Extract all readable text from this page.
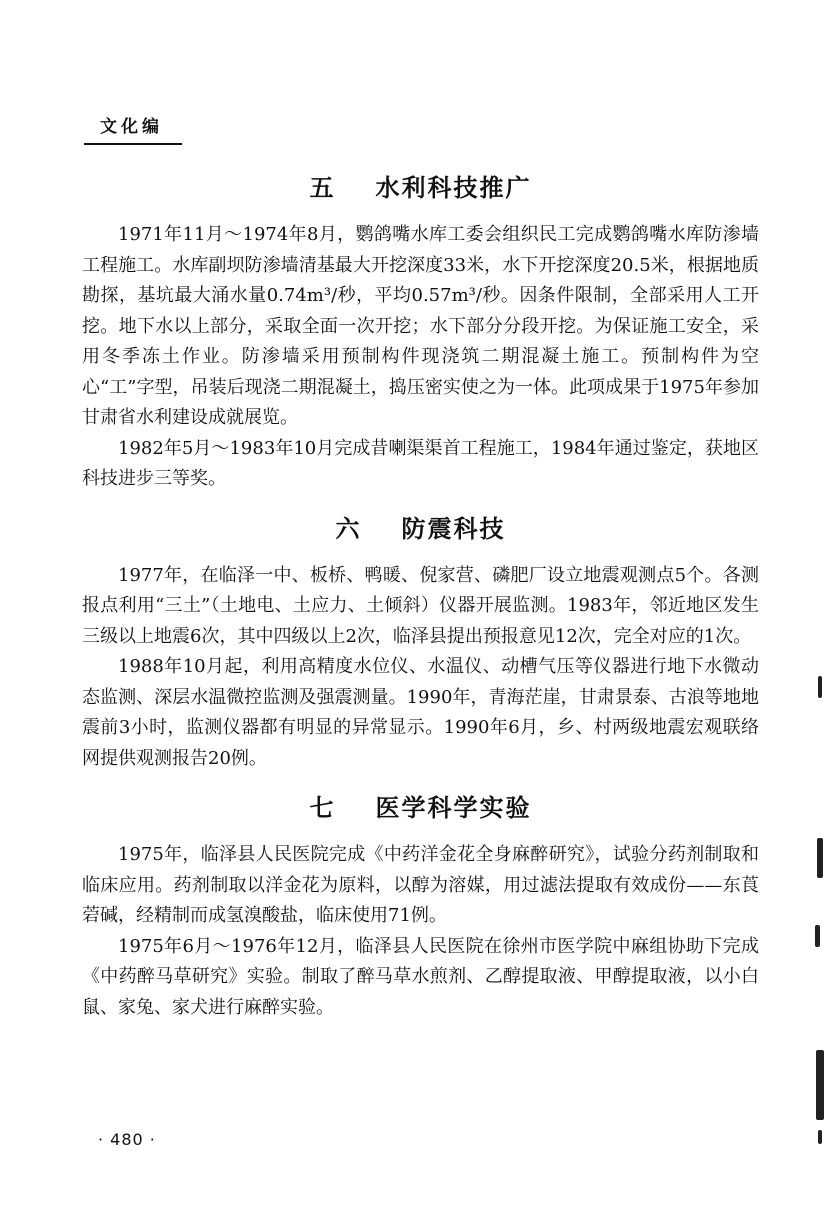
文化编
五 水利科技推广

1971年11月～1974年8月，鹦鸽嘴水库工委会组织民工完成鹦鸽嘴水库防渗墙工程施工。水库副坝防渗墙清基最大开挖深度33米，水下开挖深度20.5米，根据地质勘探，基坑最大涌水量0.74m³/秒，平均0.57m³/秒。因条件限制，全部采用人工开挖。地下水以上部分，采取全面一次开挖；水下部分分段开挖。为保证施工安全，采用冬季冻土作业。防渗墙采用预制构件现浇筑二期混凝土施工。预制构件为空心“工”字型，吊装后现浇二期混凝土，捣压密实使之为一体。此项成果于1975年参加甘肃省水利建设成就展览。

1982年5月～1983年10月完成昔喇渠渠首工程施工，1984年通过鉴定，获地区科技进步三等奖。

六 防震科技

1977年，在临泽一中、板桥、鸭暖、倪家营、磷肥厂设立地震观测点5个。各测报点利用“三土”（土地电、土应力、土倾斜）仪器开展监测。1983年，邻近地区发生三级以上地震6次，其中四级以上2次，临泽县提出预报意见12次，完全对应的1次。

1988年10月起，利用高精度水位仪、水温仪、动槽气压等仪器进行地下水微动态监测、深层水温微控监测及强震测量。1990年，青海茫崖，甘肃景泰、古浪等地地震前3小时，监测仪器都有明显的异常显示。1990年6月，乡、村两级地震宏观联络网提供观测报告20例。

七 医学科学实验

1975年，临泽县人民医院完成《中药洋金花全身麻醉研究》，试验分药剂制取和临床应用。药剂制取以洋金花为原料，以醇为溶媒，用过滤法提取有效成份——东莨菪碱，经精制而成氢溴酸盐，临床使用71例。

1975年6月～1976年12月，临泽县人民医院在徐州市医学院中麻组协助下完成《中药醉马草研究》实验。制取了醉马草水煎剂、乙醇提取液、甲醇提取液，以小白鼠、家兔、家犬进行麻醉实验。

· 480 ·
